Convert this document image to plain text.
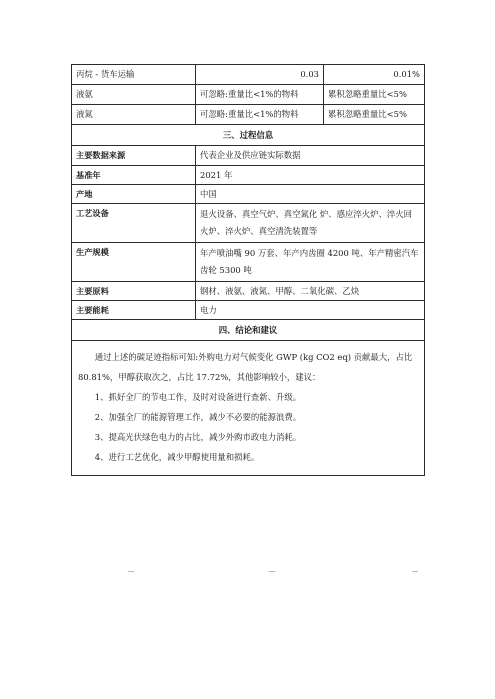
丙烷 - 货车运输	0.03	0.01%
液氨	可忽略:重量比<1%的物料	累积忽略重量比<5%
液氮	可忽略:重量比<1%的物料	累积忽略重量比<5%
三、过程信息		
主要数据来源	代表企业及供应链实际数据	
基准年	2021 年	
产地	中国	
工艺设备	退火设备、真空气炉、真空氮化 炉、感应淬火炉、淬火回火炉、淬火炉、真空清洗装置等	
生产规模	年产喷油嘴 90 万套、年产内齿圈 4200 吨、年产精密汽车齿轮 5300 吨	
主要原料	钢材、液氨、液氮、甲醇、二氧化碳、乙炔	
主要能耗	电力	
四、结论和建议		

通过上述的碳足迹指标可知:外购电力对气候变化 GWP (kg CO2 eq) 贡献最大，占比 80.81%，甲醇获取次之，占比 17.72%，其他影响较小，建议：

1、抓好全厂的节电工作，及时对设备进行查新、升级。

2、加强全厂的能源管理工作，减少不必要的能源浪费。

3、提高光伏绿色电力的占比，减少外购市政电力消耗。

4、进行工艺优化，减少甲醇使用量和损耗。		
